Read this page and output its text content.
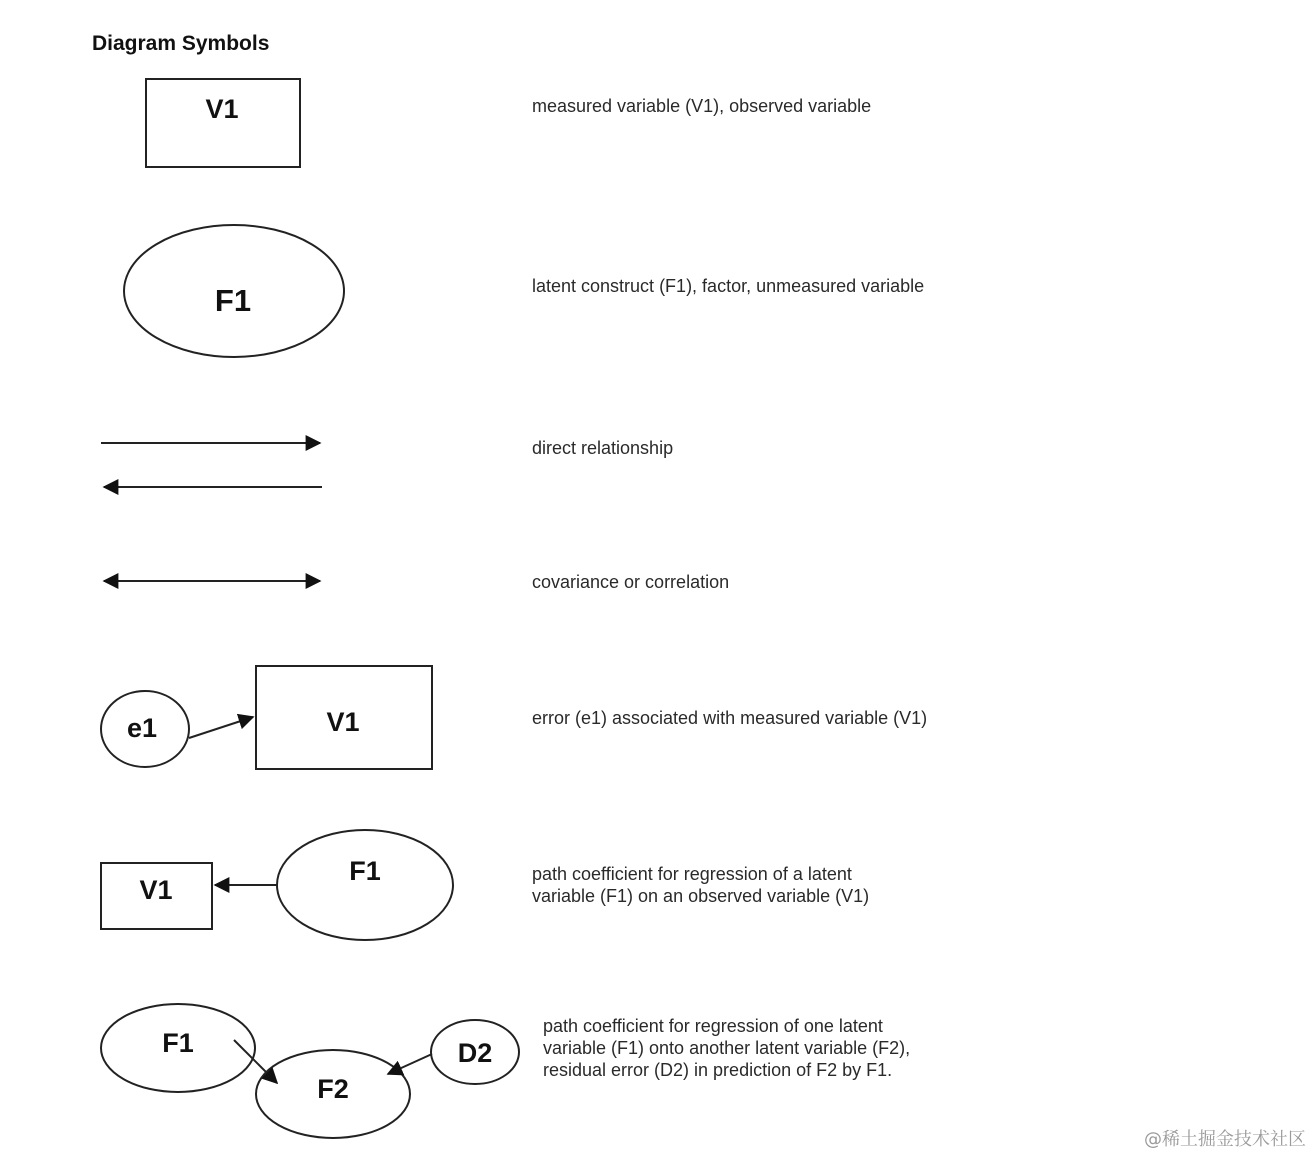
Diagram Symbols
V1	measured variable (V1), observed variable
F1	latent construct (F1), factor, unmeasured variable
direct relationship
covariance or correlation
e1	V1	error (e1) associated with measured variable (V1)
V1
F1	path coefficient for regression of a latent
variable (F1) on an observed variable (V1)
F1
F2
D2
path coefficient for regression of one latent
variable (F1) onto another latent variable (F2),
residual error (D2) in prediction of F2 by F1.
@稀土掘金技术社区
